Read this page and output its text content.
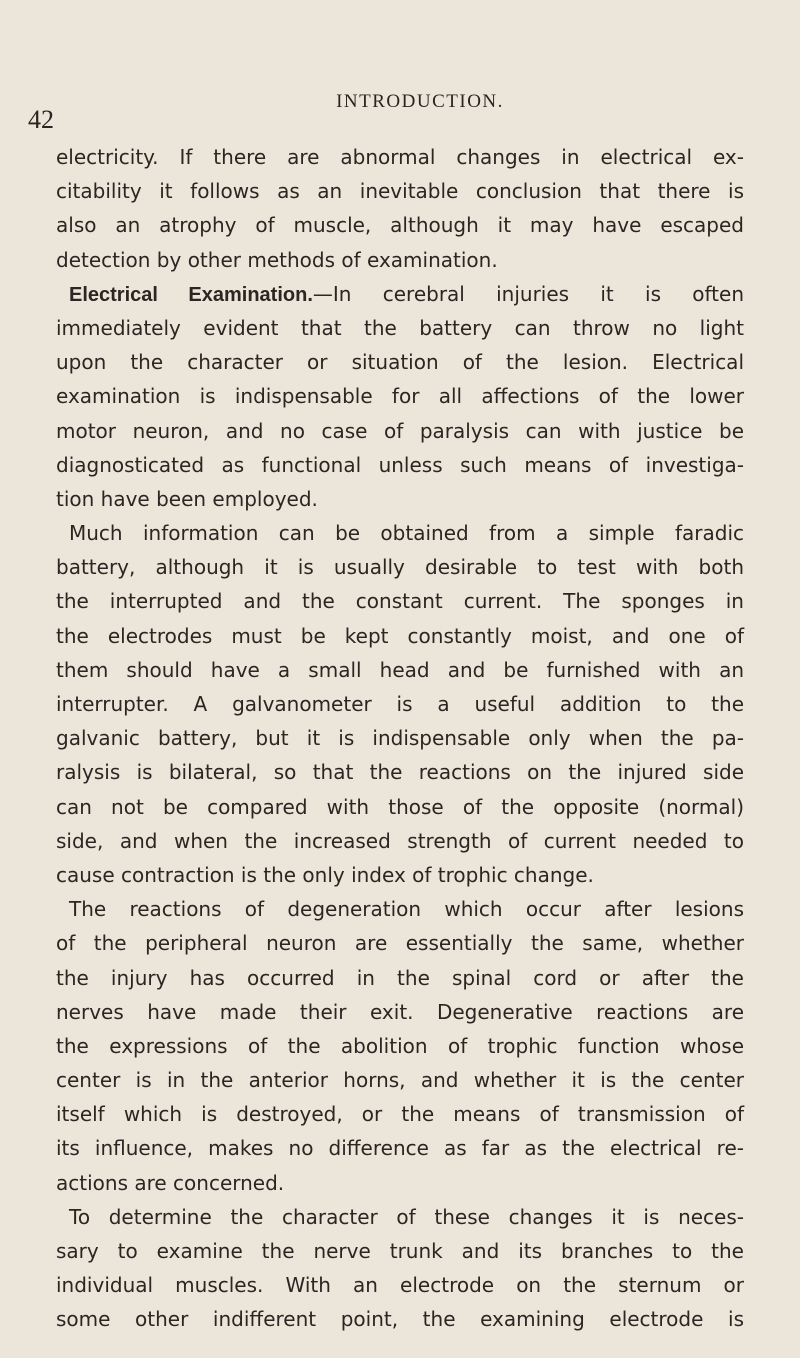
42
INTRODUCTION.
electricity. If there are abnormal changes in electrical ex-
citability it follows as an inevitable conclusion that there is
also an atrophy of muscle, although it may have escaped
detection by other methods of examination.
Electrical Examination.—In cerebral injuries it is often
immediately evident that the battery can throw no light
upon the character or situation of the lesion. Electrical
examination is indispensable for all affections of the lower
motor neuron, and no case of paralysis can with justice be
diagnosticated as functional unless such means of investiga-
tion have been employed.
Much information can be obtained from a simple faradic
battery, although it is usually desirable to test with both
the interrupted and the constant current. The sponges in
the electrodes must be kept constantly moist, and one of
them should have a small head and be furnished with an
interrupter. A galvanometer is a useful addition to the
galvanic battery, but it is indispensable only when the pa-
ralysis is bilateral, so that the reactions on the injured side
can not be compared with those of the opposite (normal)
side, and when the increased strength of current needed to
cause contraction is the only index of trophic change.
The reactions of degeneration which occur after lesions
of the peripheral neuron are essentially the same, whether
the injury has occurred in the spinal cord or after the
nerves have made their exit. Degenerative reactions are
the expressions of the abolition of trophic function whose
center is in the anterior horns, and whether it is the center
itself which is destroyed, or the means of transmission of
its influence, makes no difference as far as the electrical re-
actions are concerned.
To determine the character of these changes it is neces-
sary to examine the nerve trunk and its branches to the
individual muscles. With an electrode on the sternum or
some other indifferent point, the examining electrode is
